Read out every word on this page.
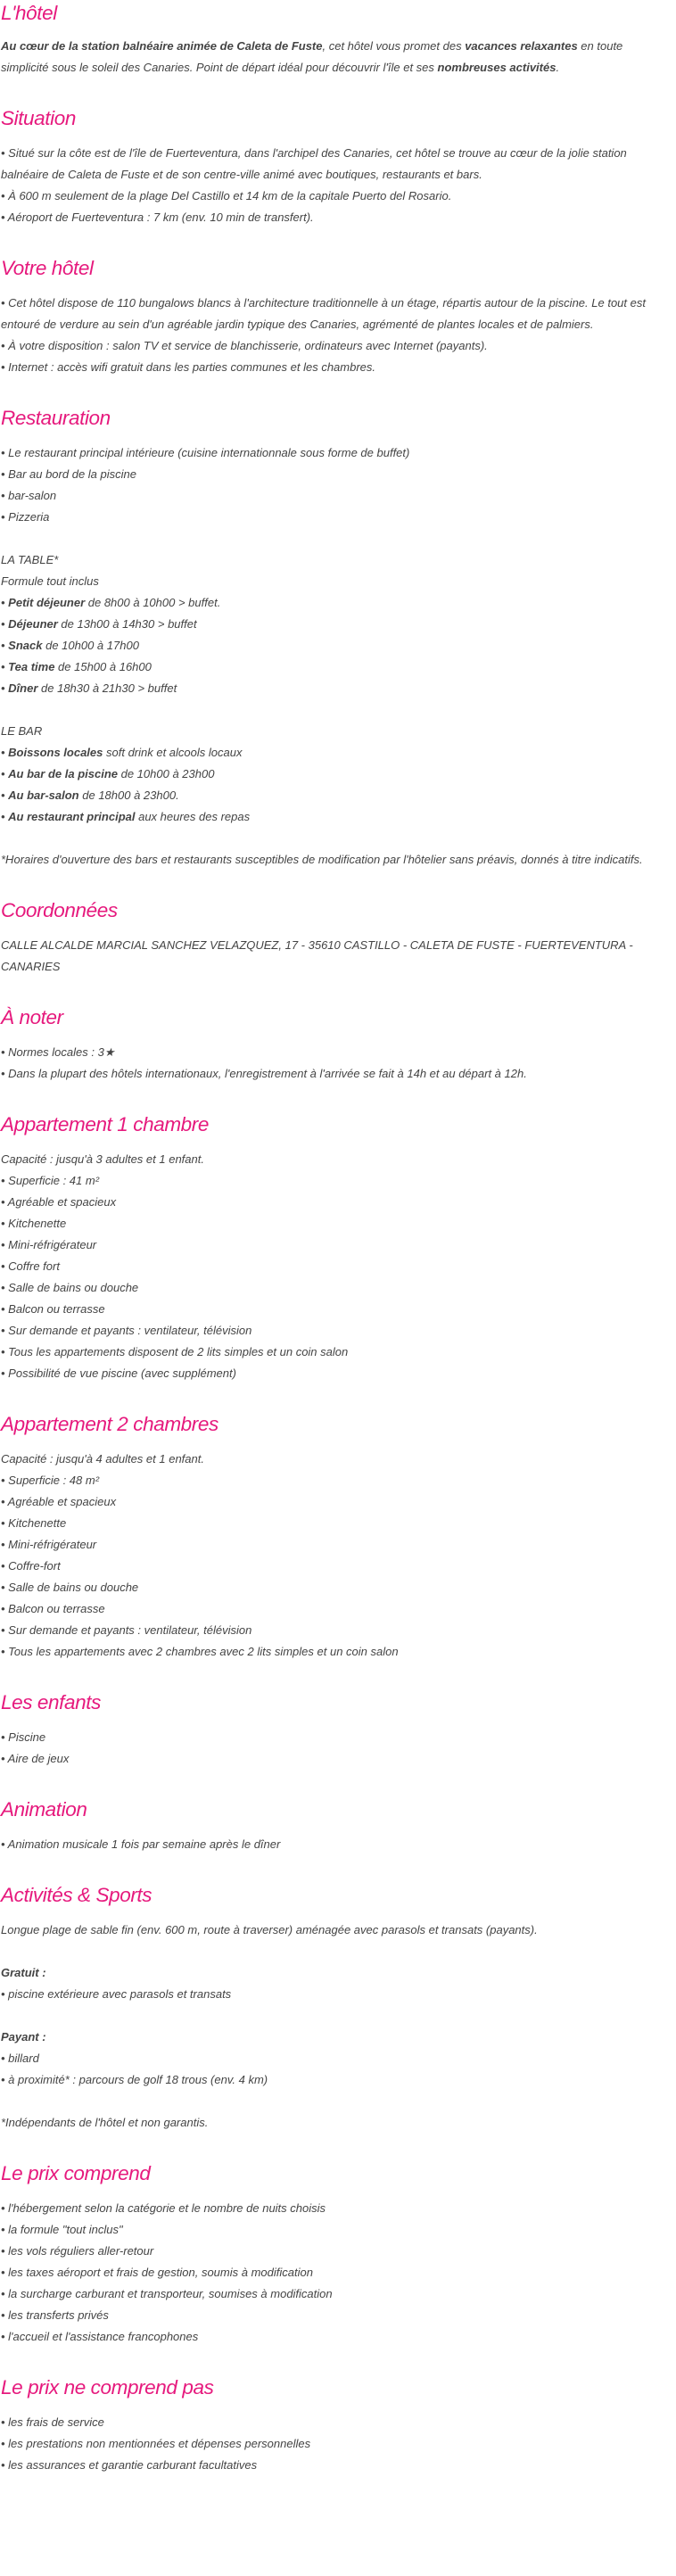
L'hôtel

Au cœur de la station balnéaire animée de Caleta de Fuste, cet hôtel vous promet des vacances relaxantes en toute simplicité sous le soleil des Canaries. Point de départ idéal pour découvrir l'île et ses nombreuses activités.

Situation

• Situé sur la côte est de l'île de Fuerteventura, dans l'archipel des Canaries, cet hôtel se trouve au cœur de la jolie station balnéaire de Caleta de Fuste et de son centre-ville animé avec boutiques, restaurants et bars.

• À 600 m seulement de la plage Del Castillo et 14 km de la capitale Puerto del Rosario.

• Aéroport de Fuerteventura : 7 km (env. 10 min de transfert).

Votre hôtel

• Cet hôtel dispose de 110 bungalows blancs à l'architecture traditionnelle à un étage, répartis autour de la piscine. Le tout est entouré de verdure au sein d'un agréable jardin typique des Canaries, agrémenté de plantes locales et de palmiers.

• À votre disposition : salon TV et service de blanchisserie, ordinateurs avec Internet (payants).

• Internet : accès wifi gratuit dans les parties communes et les chambres.

Restauration

• Le restaurant principal intérieure (cuisine internationnale sous forme de buffet)

• Bar au bord de la piscine

• bar-salon

• Pizzeria

LA TABLE*

Formule tout inclus

• Petit déjeuner de 8h00 à 10h00 > buffet.

• Déjeuner de 13h00 à 14h30 > buffet

• Snack de 10h00 à 17h00

• Tea time de 15h00 à 16h00

• Dîner de 18h30 à 21h30 > buffet

LE BAR

• Boissons locales soft drink et alcools locaux

• Au bar de la piscine de 10h00 à 23h00

• Au bar-salon de 18h00 à 23h00.

• Au restaurant principal aux heures des repas

*Horaires d'ouverture des bars et restaurants susceptibles de modification par l'hôtelier sans préavis, donnés à titre indicatifs.

Coordonnées

CALLE ALCALDE MARCIAL SANCHEZ VELAZQUEZ, 17 - 35610 CASTILLO - CALETA DE FUSTE - FUERTEVENTURA - CANARIES

À noter

• Normes locales : 3★

• Dans la plupart des hôtels internationaux, l'enregistrement à l'arrivée se fait à 14h et au départ à 12h.

Appartement 1 chambre

Capacité : jusqu'à 3 adultes et 1 enfant.

• Superficie : 41 m²

• Agréable et spacieux

• Kitchenette

• Mini-réfrigérateur

• Coffre fort

• Salle de bains ou douche

• Balcon ou terrasse

• Sur demande et payants : ventilateur, télévision

• Tous les appartements disposent de 2 lits simples et un coin salon

• Possibilité de vue piscine (avec supplément)

Appartement 2 chambres

Capacité : jusqu'à 4 adultes et 1 enfant.

• Superficie : 48 m²

• Agréable et spacieux

• Kitchenette

• Mini-réfrigérateur

• Coffre-fort

• Salle de bains ou douche

• Balcon ou terrasse

• Sur demande et payants : ventilateur, télévision

• Tous les appartements avec 2 chambres avec 2 lits simples et un coin salon

Les enfants

• Piscine

• Aire de jeux

Animation

• Animation musicale 1 fois par semaine après le dîner

Activités & Sports

Longue plage de sable fin (env. 600 m, route à traverser) aménagée avec parasols et transats (payants).

Gratuit :

• piscine extérieure avec parasols et transats

Payant :

• billard

• à proximité* : parcours de golf 18 trous (env. 4 km)

*Indépendants de l'hôtel et non garantis.

Le prix comprend

• l'hébergement selon la catégorie et le nombre de nuits choisis

• la formule "tout inclus"

• les vols réguliers aller-retour

• les taxes aéroport et frais de gestion, soumis à modification

• la surcharge carburant et transporteur, soumises à modification

• les transferts privés

• l'accueil et l'assistance francophones

Le prix ne comprend pas

• les frais de service

• les prestations non mentionnées et dépenses personnelles

• les assurances et garantie carburant facultatives
